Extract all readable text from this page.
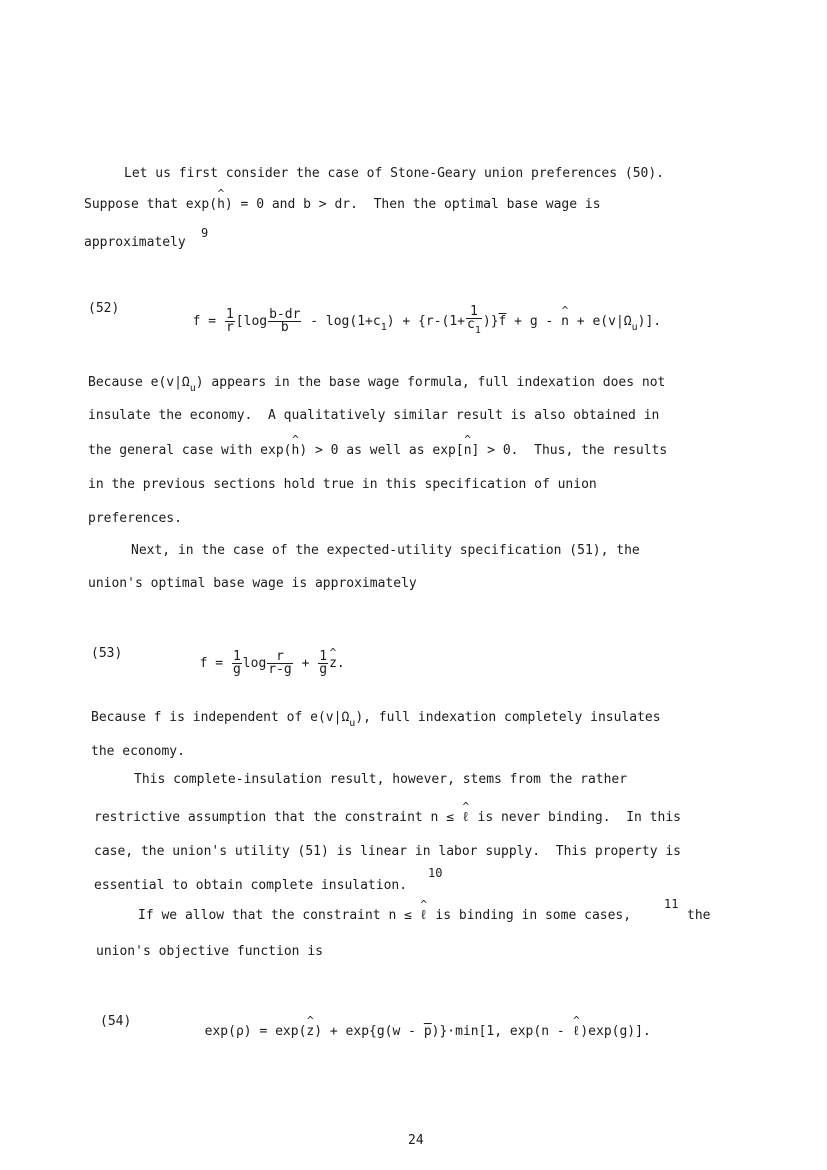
Let us first consider the case of Stone-Geary union preferences (50).
Suppose that exp(^ h) = 0 and b > dr.  Then the optimal base wage is
approximately
9
(52)

$f = \frac{1}{r} [\log \frac{b-dr}{b} - \log(1+c_1) + \{r-(1+ \frac{1}{c_1} )\}\overline{f} + g$ - ^ $n + e(v|\Omega_u)$].

Because $e(v|\Omega_u)$ appears in the base wage formula, full indexation does not
insulate the economy.  A qualitatively similar result is also obtained in
the general case with exp(^ h) > 0 as well as exp[^ n] > 0.  Thus, the results
in the previous sections hold true in this specification of union
preferences.
Next, in the case of the expected-utility specification (51), the
union's optimal base wage is approximately
(53)

$f = \frac{1}{g}$ $\log \frac{r}{r-g} + \frac{1}{g}$ ^ z.

Because f is independent of $e(v|\Omega_u)$, full indexation completely insulates
the economy.
This complete-insulation result, however, stems from the rather
restrictive assumption that the constraint n ≤ ^ ℓ is never binding.  In this
case, the union's utility (51) is linear in labor supply.  This property is
essential to obtain complete insulation.
10
If we allow that the constraint n ≤ ^ ℓ is binding in some cases,
11
the
union's objective function is
(54)

exp(ρ) = exp(^ $z) + \exp\{g(w - \overline{p})\}\cdot\min[1$, exp(n - ^ ℓ)exp(g)].

24
